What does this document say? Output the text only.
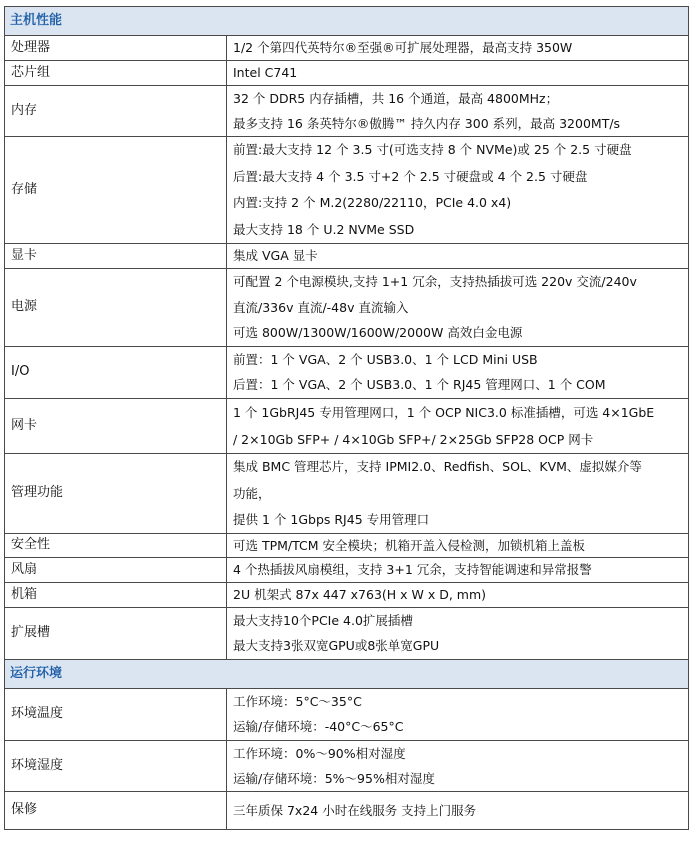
主机性能	
处理器	1/2 个第四代英特尔®至强®可扩展处理器，最高支持 350W

芯片组	Intel C741

内存	32 个 DDR5 内存插槽，共 16 个通道，最高 4800MHz；
最多支持 16 条英特尔®傲腾™ 持久内存 300 系列，最高 3200MT/s

存储	前置:最大支持 12 个 3.5 寸(可选支持 8 个 NVMe)或 25 个 2.5 寸硬盘
后置:最大支持 4 个 3.5 寸+2 个 2.5 寸硬盘或 4 个 2.5 寸硬盘
内置:支持 2 个 M.2(2280/22110，PCIe 4.0 x4)
最大支持 18 个 U.2 NVMe SSD

显卡	集成 VGA 显卡

电源	可配置 2 个电源模块,支持 1+1 冗余，支持热插拔可选 220v 交流/240v
直流/336v 直流/-48v 直流输入
可选 800W/1300W/1600W/2000W 高效白金电源

I/O	前置：1 个 VGA、2 个 USB3.0、1 个 LCD Mini USB
后置：1 个 VGA、2 个 USB3.0、1 个 RJ45 管理网口、1 个 COM

网卡	1 个 1GbRJ45 专用管理网口，1 个 OCP NIC3.0 标准插槽，可选 4×1GbE
/ 2×10Gb SFP+ / 4×10Gb SFP+/ 2×25Gb SFP28 OCP 网卡

管理功能	集成 BMC 管理芯片，支持 IPMI2.0、Redfish、SOL、KVM、虚拟媒介等
功能，
提供 1 个 1Gbps RJ45 专用管理口

安全性	可选 TPM/TCM 安全模块；机箱开盖入侵检测，加锁机箱上盖板

风扇	4 个热插拔风扇模组，支持 3+1 冗余，支持智能调速和异常报警

机箱	2U 机架式 87x 447 x763(H x W x D, mm)

扩展槽	最大支持10个PCIe 4.0扩展插槽
最大支持3张双宽GPU或8张单宽GPU

运行环境	
环境温度	工作环境：5°C～35°C
运输/存储环境：-40°C～65°C

环境湿度	工作环境：0%～90%相对湿度
运输/存储环境：5%～95%相对湿度

保修	三年质保 7x24 小时在线服务 支持上门服务
